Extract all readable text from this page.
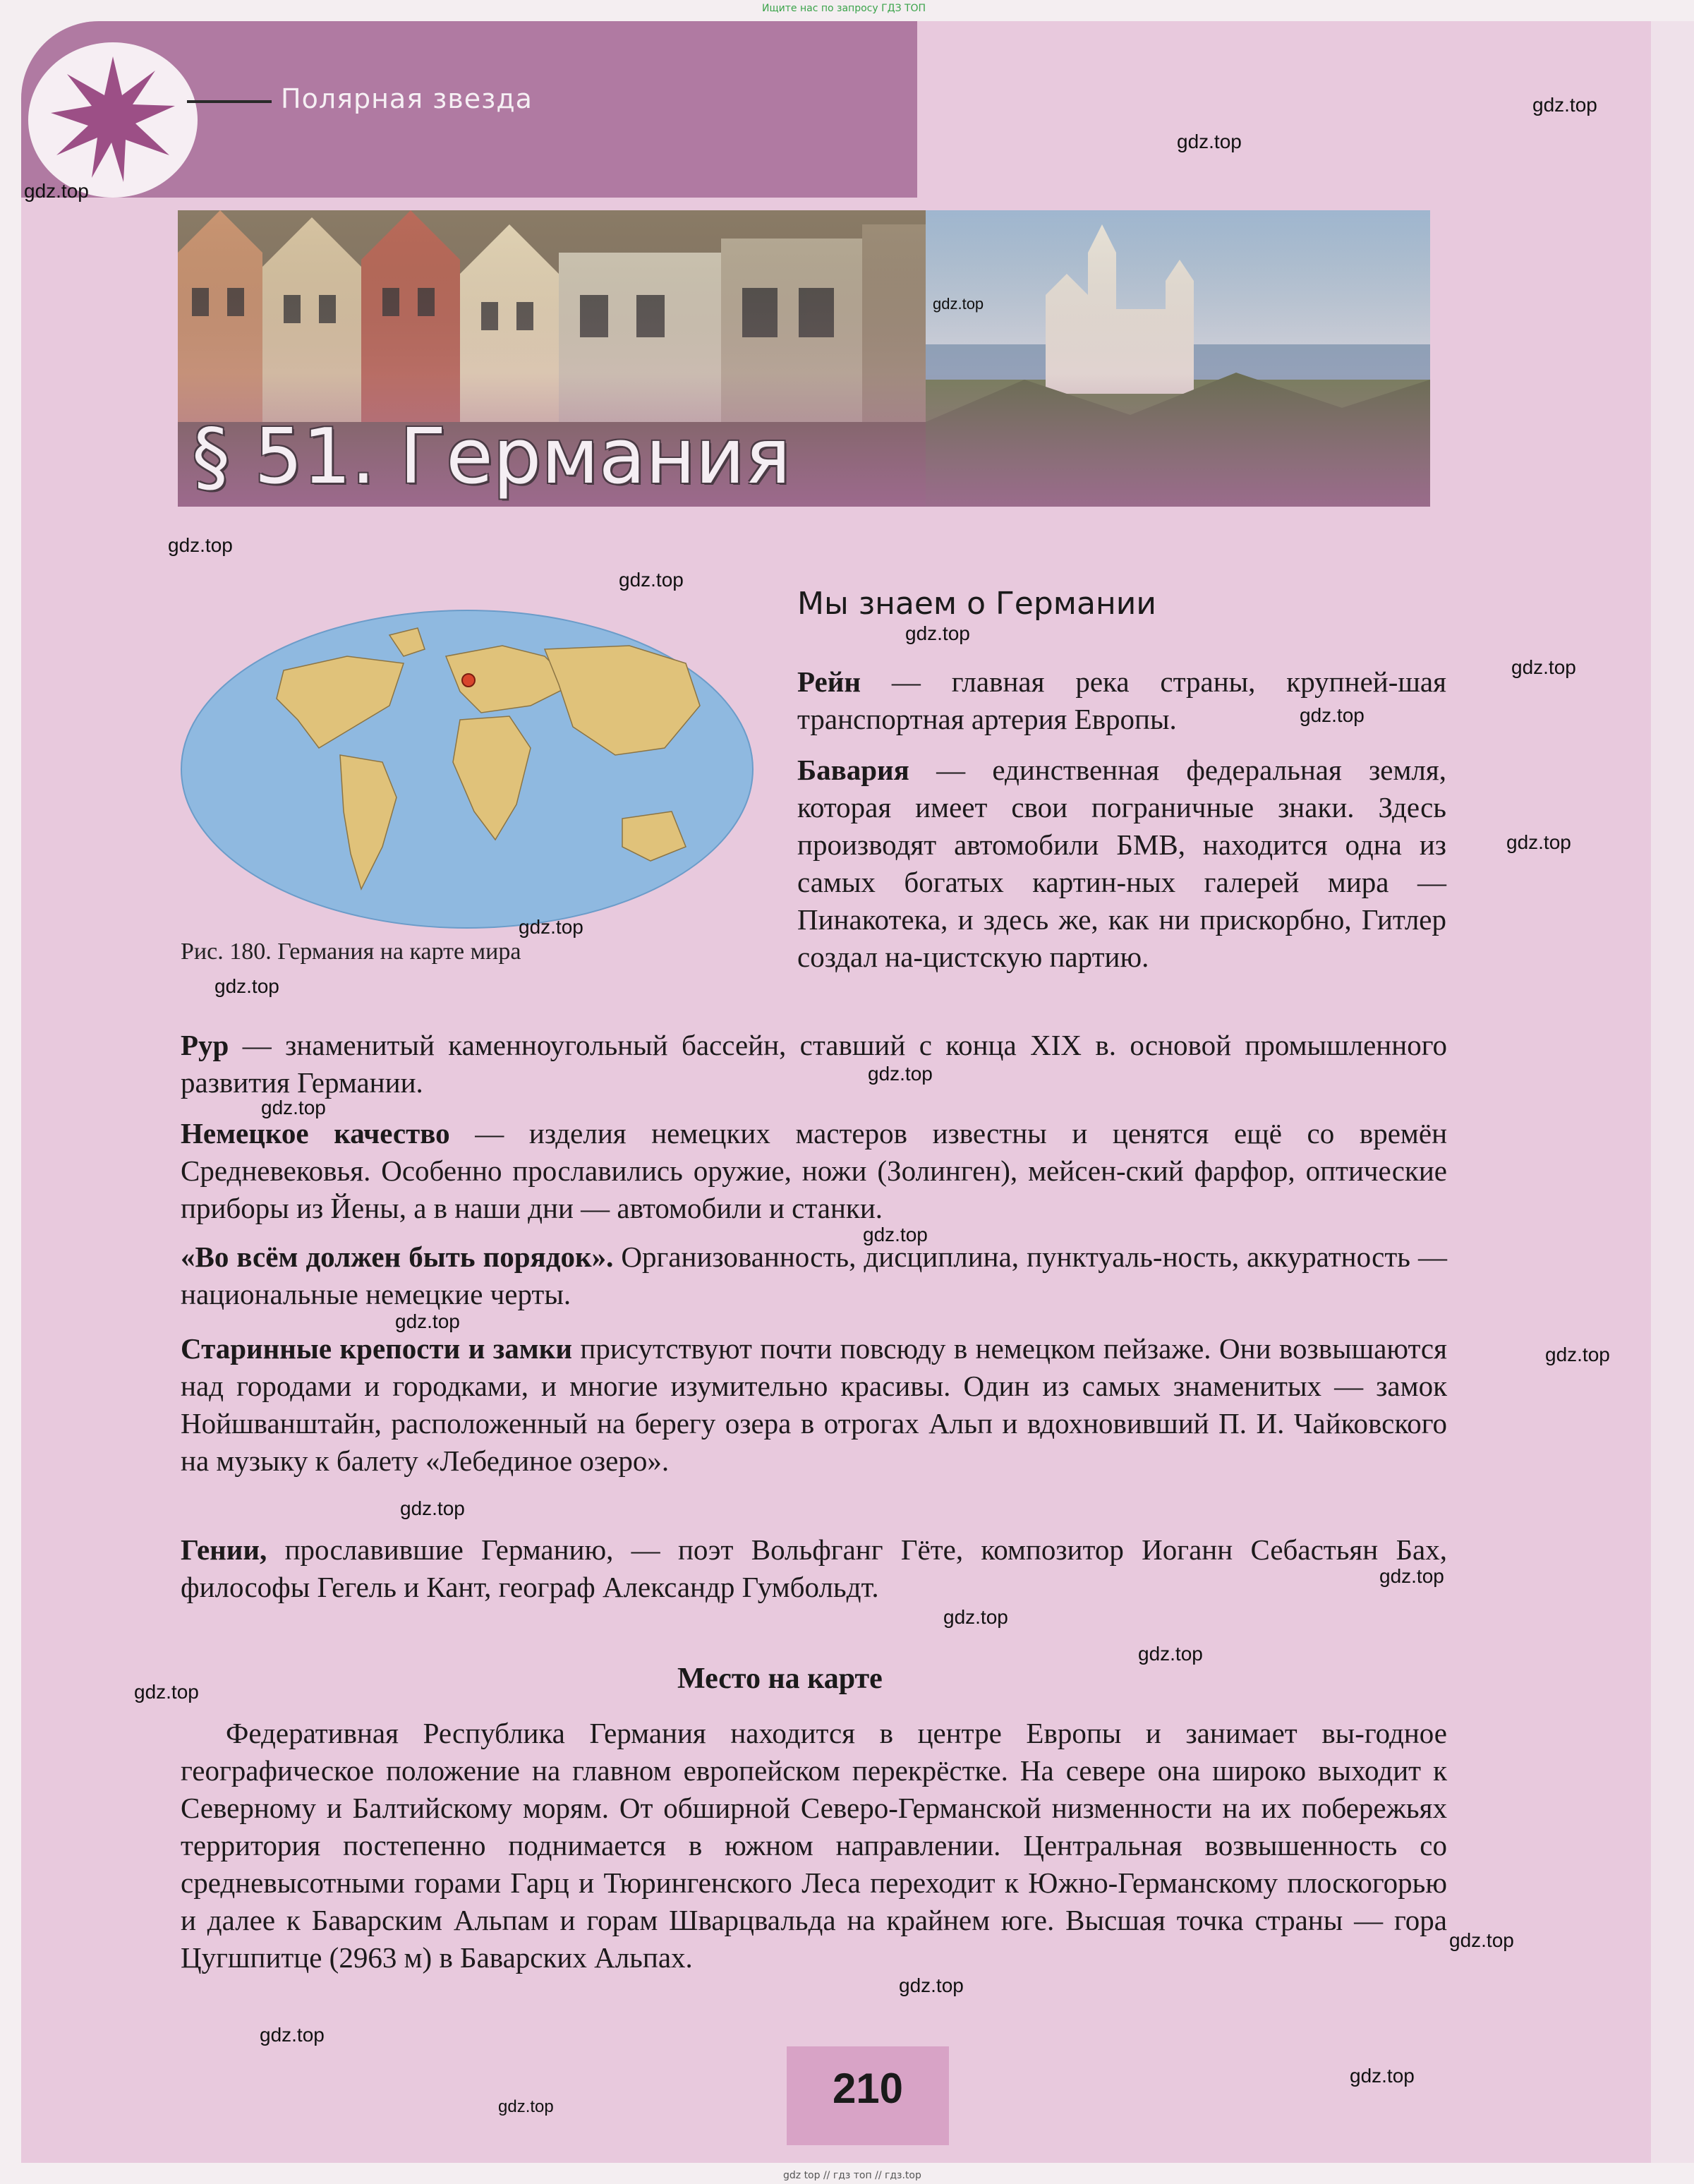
Ищите нас по запросу ГДЗ ТОП
Полярная звезда
§ 51. Германия
Рис. 180. Германия на карте мира
Мы знаем о Германии
Рейн — главная река страны, крупней-шая транспортная артерия Европы.
Бавария — единственная федеральная земля, которая имеет свои пограничные знаки. Здесь производят автомобили БМВ, находится одна из самых богатых картин-ных галерей мира — Пинакотека, и здесь же, как ни прискорбно, Гитлер создал на-цистскую партию.
Рур — знаменитый каменноугольный бассейн, ставший с конца XIX в. основой промышленного развития Германии.
Немецкое качество — изделия немецких мастеров известны и ценятся ещё со времён Средневековья. Особенно прославились оружие, ножи (Золинген), мейсен-ский фарфор, оптические приборы из Йены, а в наши дни — автомобили и станки.
«Во всём должен быть порядок». Организованность, дисциплина, пунктуаль-ность, аккуратность — национальные немецкие черты.
Старинные крепости и замки присутствуют почти повсюду в немецком пейзаже. Они возвышаются над городами и городками, и многие изумительно красивы. Один из самых знаменитых — замок Нойшванштайн, расположенный на берегу озера в отрогах Альп и вдохновивший П. И. Чайковского на музыку к балету «Лебединое озеро».
Гении, прославившие Германию, — поэт Вольфганг Гёте, композитор Иоганн Себастьян Бах, философы Гегель и Кант, географ Александр Гумбольдт.
Место на карте
Федеративная Республика Германия находится в центре Европы и занимает вы-годное географическое положение на главном европейском перекрёстке. На севере она широко выходит к Северному и Балтийскому морям. От обширной Северо-Германской низменности на их побережьях территория постепенно поднимается в южном направлении. Центральная возвышенность со средневысотными горами Гарц и Тюрингенского Леса переходит к Южно-Германскому плоскогорью и далее к Баварским Альпам и горам Шварцвальда на крайнем юге. Высшая точка страны — гора Цугшпитце (2963 м) в Баварских Альпах.
210
gdz top // гдз топ // гдз.top
gdz.top
gdz.top
gdz.top
gdz.top
gdz.top
gdz.top
gdz.top
gdz.top
gdz.top
gdz.top
gdz.top
gdz.top
gdz.top
gdz.top
gdz.top
gdz.top
gdz.top
gdz.top
gdz.top
gdz.top
gdz.top
gdz.top
gdz.top
gdz.top
gdz.top
gdz.top
gdz.top
